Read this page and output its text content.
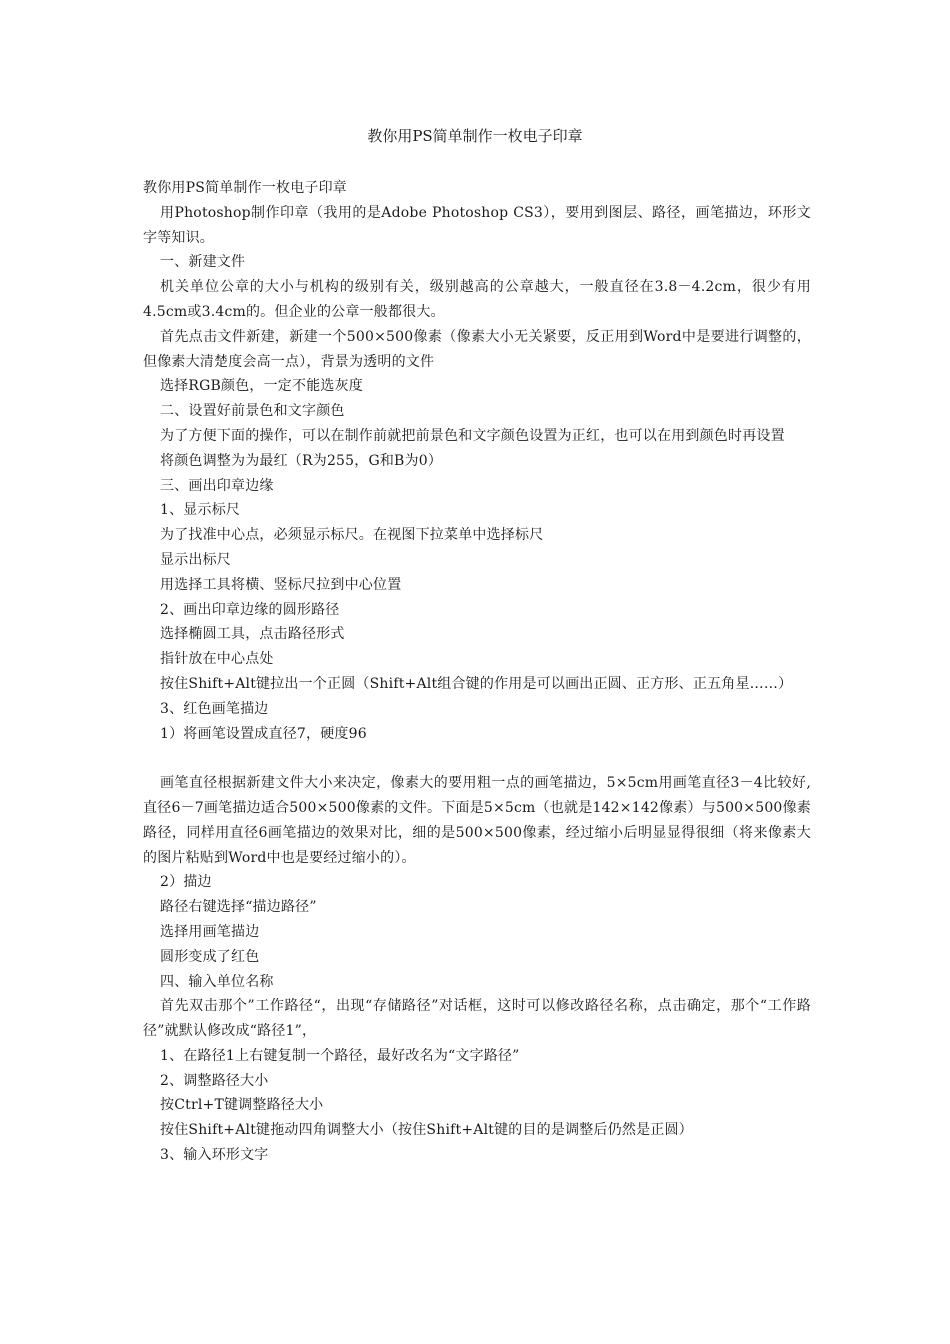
教你用PS简单制作一枚电子印章

教你用PS简单制作一枚电子印章

用Photoshop制作印章（我用的是Adobe Photoshop CS3），要用到图层、路径，画笔描边，环形文字等知识。

一、新建文件

机关单位公章的大小与机构的级别有关，级别越高的公章越大，一般直径在3.8－4.2cm，很少有用4.5cm或3.4cm的。但企业的公章一般都很大。

首先点击文件新建，新建一个500×500像素（像素大小无关紧要，反正用到Word中是要进行调整的，但像素大清楚度会高一点），背景为透明的文件

选择RGB颜色，一定不能选灰度

二、设置好前景色和文字颜色

为了方便下面的操作，可以在制作前就把前景色和文字颜色设置为正红，也可以在用到颜色时再设置

将颜色调整为为最红（R为255，G和B为0）

三、画出印章边缘

1、显示标尺

为了找准中心点，必须显示标尺。在视图下拉菜单中选择标尺

显示出标尺

用选择工具将横、竖标尺拉到中心位置

2、画出印章边缘的圆形路径

选择椭圆工具，点击路径形式

指针放在中心点处

按住Shift+Alt键拉出一个正圆（Shift+Alt组合键的作用是可以画出正圆、正方形、正五角星……）

3、红色画笔描边

1）将画笔设置成直径7，硬度96

画笔直径根据新建文件大小来决定，像素大的要用粗一点的画笔描边，5×5cm用画笔直径3－4比较好, 直径6－7画笔描边适合500×500像素的文件。下面是5×5cm（也就是142×142像素）与500×500像素路径，同样用直径6画笔描边的效果对比，细的是500×500像素，经过缩小后明显显得很细（将来像素大的图片粘贴到Word中也是要经过缩小的）。

2）描边

路径右键选择“描边路径”

选择用画笔描边

圆形变成了红色

四、输入单位名称

首先双击那个”工作路径“，出现“存储路径”对话框，这时可以修改路径名称，点击确定，那个“工作路径”就默认修改成“路径1”，

1、在路径1上右键复制一个路径，最好改名为“文字路径”

2、调整路径大小

按Ctrl+T键调整路径大小

按住Shift+Alt键拖动四角调整大小（按住Shift+Alt键的目的是调整后仍然是正圆）

3、输入环形文字
